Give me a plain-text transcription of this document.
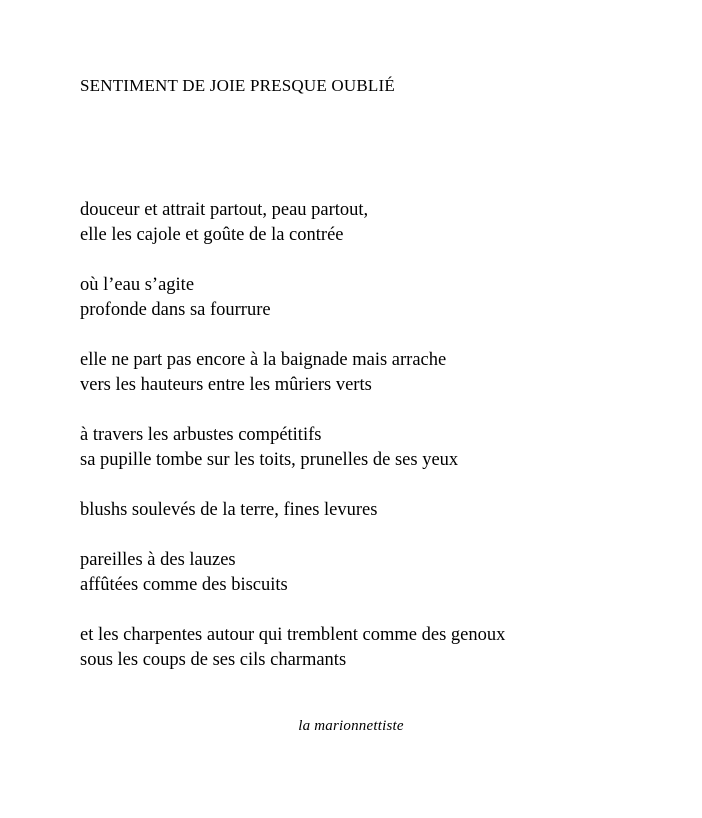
SENTIMENT DE JOIE PRESQUE OUBLIÉ
douceur et attrait partout, peau partout,
elle les cajole et goûte de la contrée
où l’eau s’agite
profonde dans sa fourrure
elle ne part pas encore à la baignade mais arrache
vers les hauteurs entre les mûriers verts
à travers les arbustes compétitifs
sa pupille tombe sur les toits, prunelles de ses yeux
blushs soulevés de la terre, fines levures
pareilles à des lauzes
affûtées comme des biscuits
et les charpentes autour qui tremblent comme des genoux
sous les coups de ses cils charmants
la marionnettiste
